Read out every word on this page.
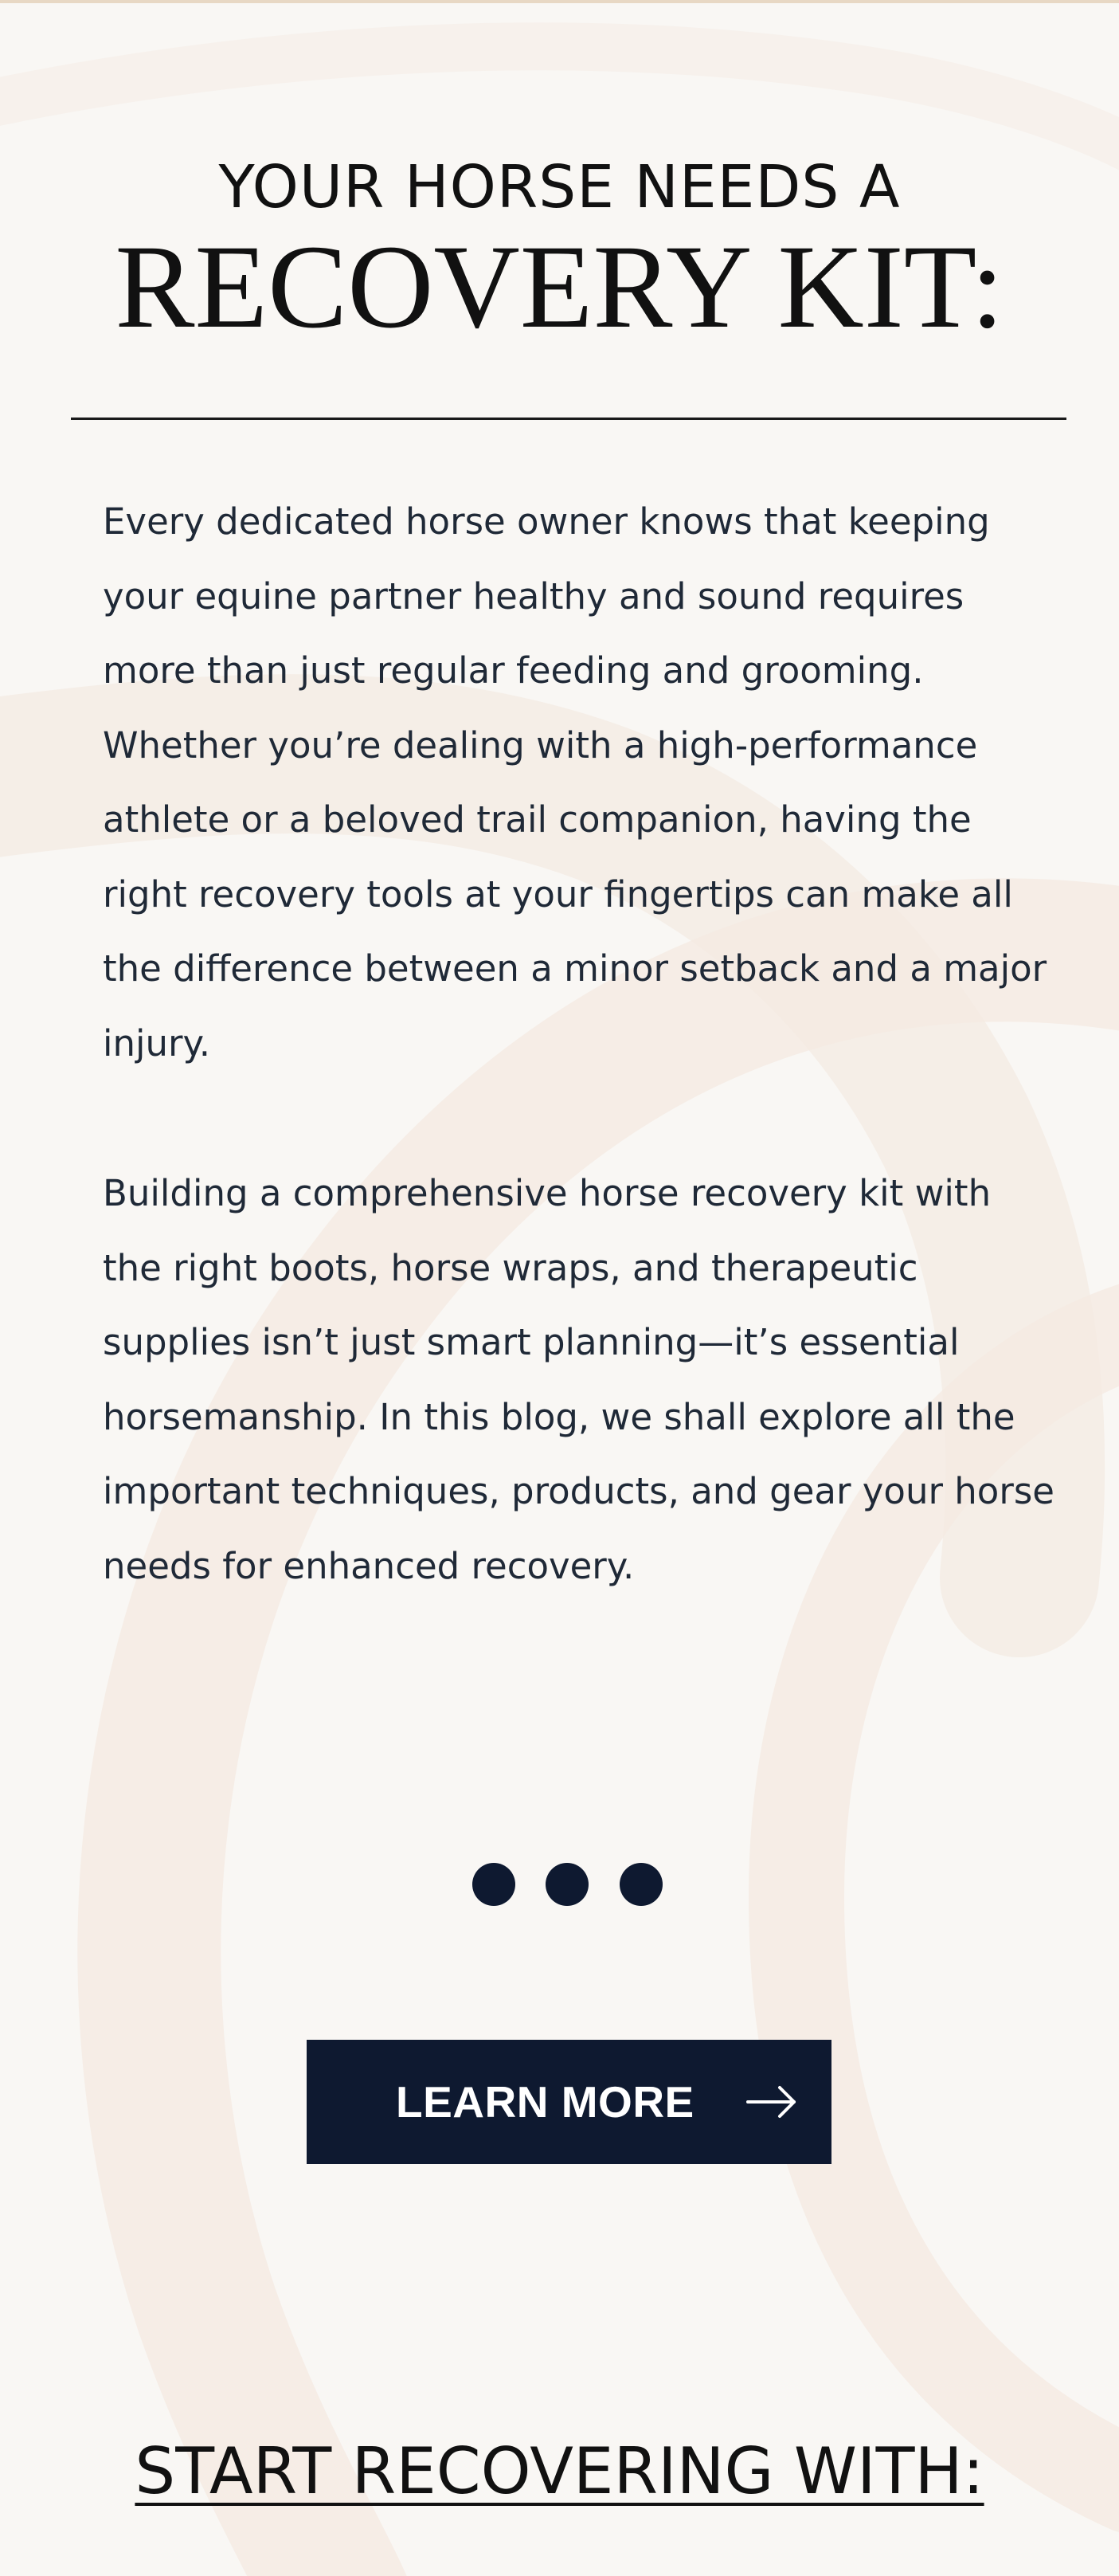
YOUR HORSE NEEDS A
RECOVERY KIT:

Every dedicated horse owner knows that keeping your equine partner healthy and sound requires more than just regular feeding and grooming. Whether you’re dealing with a high-performance athlete or a beloved trail companion, having the right recovery tools at your fingertips can make all the difference between a minor setback and a major injury.

Building a comprehensive horse recovery kit with the right boots, horse wraps, and therapeutic supplies isn’t just smart planning—it’s essential horsemanship. In this blog, we shall explore all the important techniques, products, and gear your horse needs for enhanced recovery.

LEARN MORE
START RECOVERING WITH:
